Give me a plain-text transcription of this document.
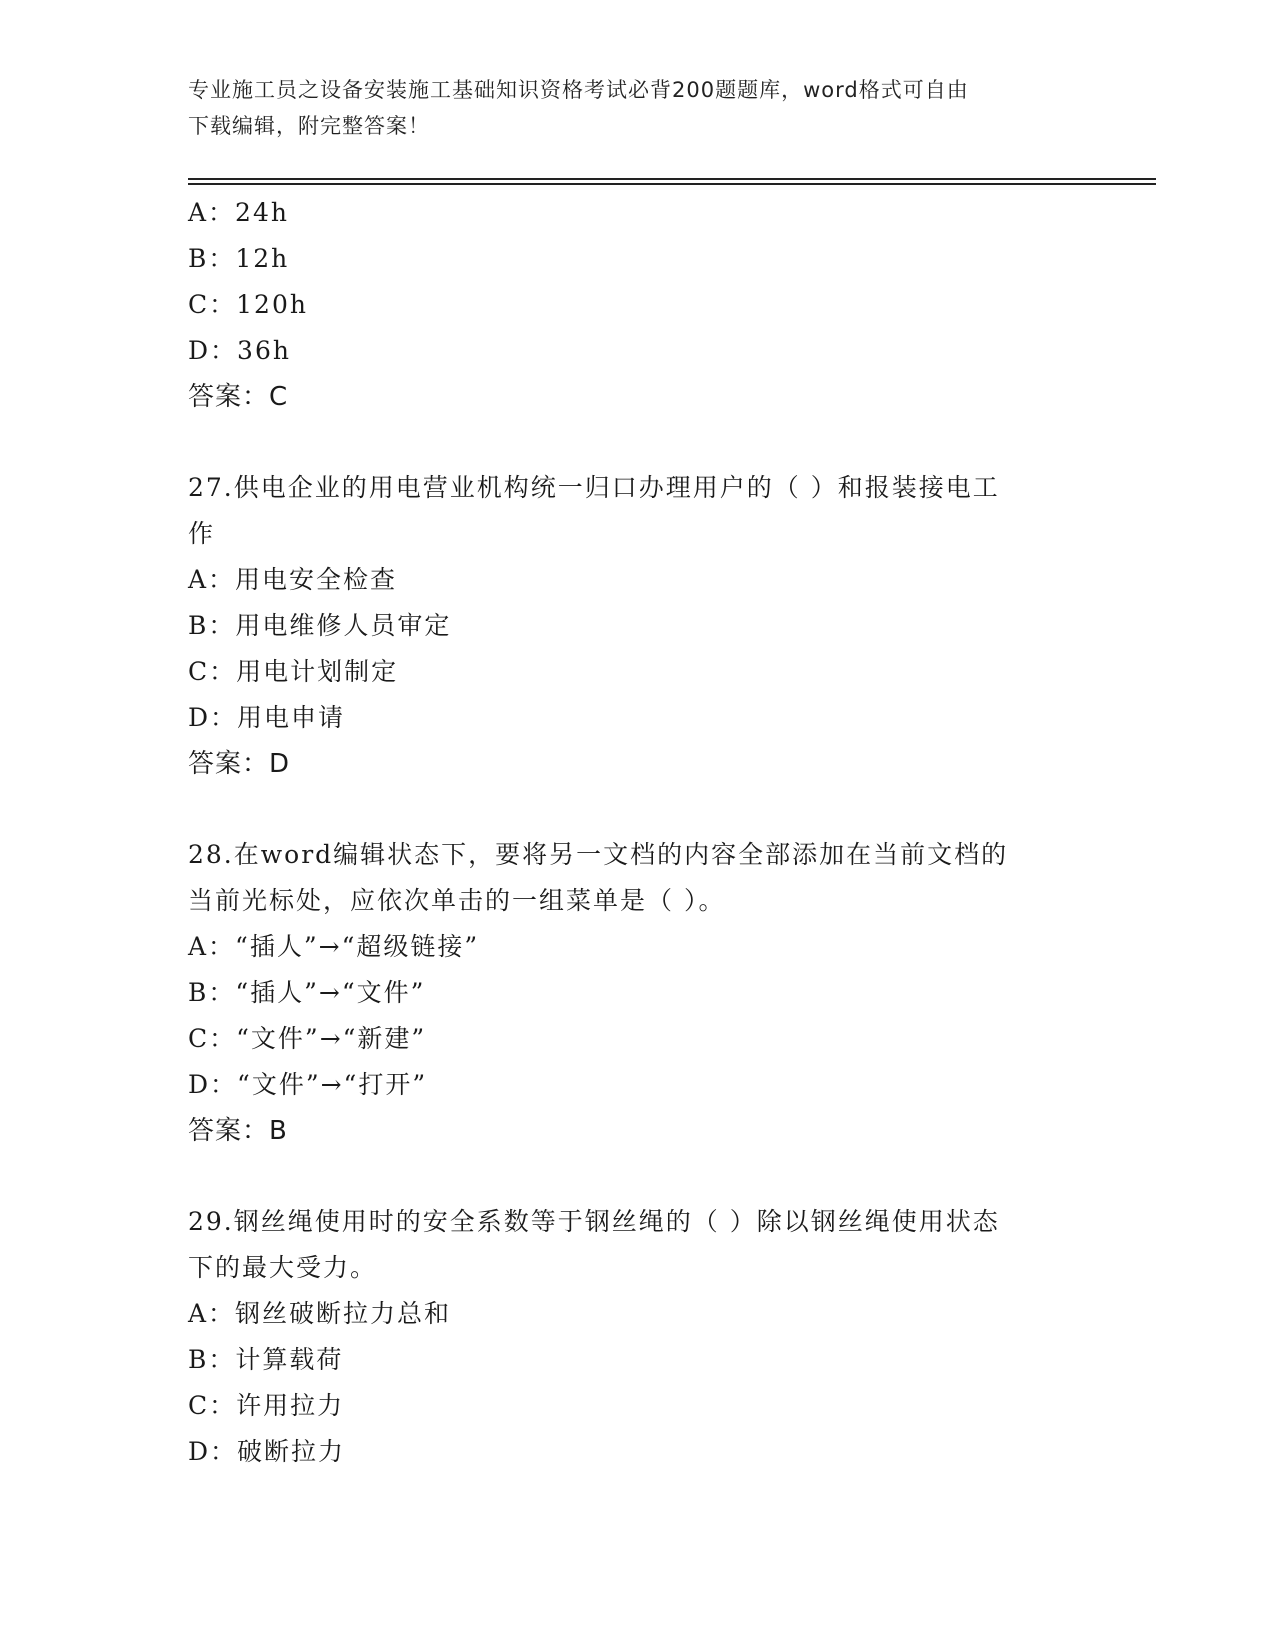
专业施工员之设备安装施工基础知识资格考试必背200题题库，word格式可自由
下载编辑，附完整答案！
A：24h
B：12h
C：120h
D：36h
答案：C
27.供电企业的用电营业机构统一归口办理用户的（ ）和报装接电工
作
A：用电安全检查
B：用电维修人员审定
C：用电计划制定
D：用电申请
答案：D
28.在word编辑状态下，要将另一文档的内容全部添加在当前文档的
当前光标处，应依次单击的一组菜单是（ ）。
A：“插人”→“超级链接”
B：“插人”→“文件”
C：“文件”→“新建”
D：“文件”→“打开”
答案：B
29.钢丝绳使用时的安全系数等于钢丝绳的（ ）除以钢丝绳使用状态
下的最大受力。
A：钢丝破断拉力总和
B：计算载荷
C：许用拉力
D：破断拉力
